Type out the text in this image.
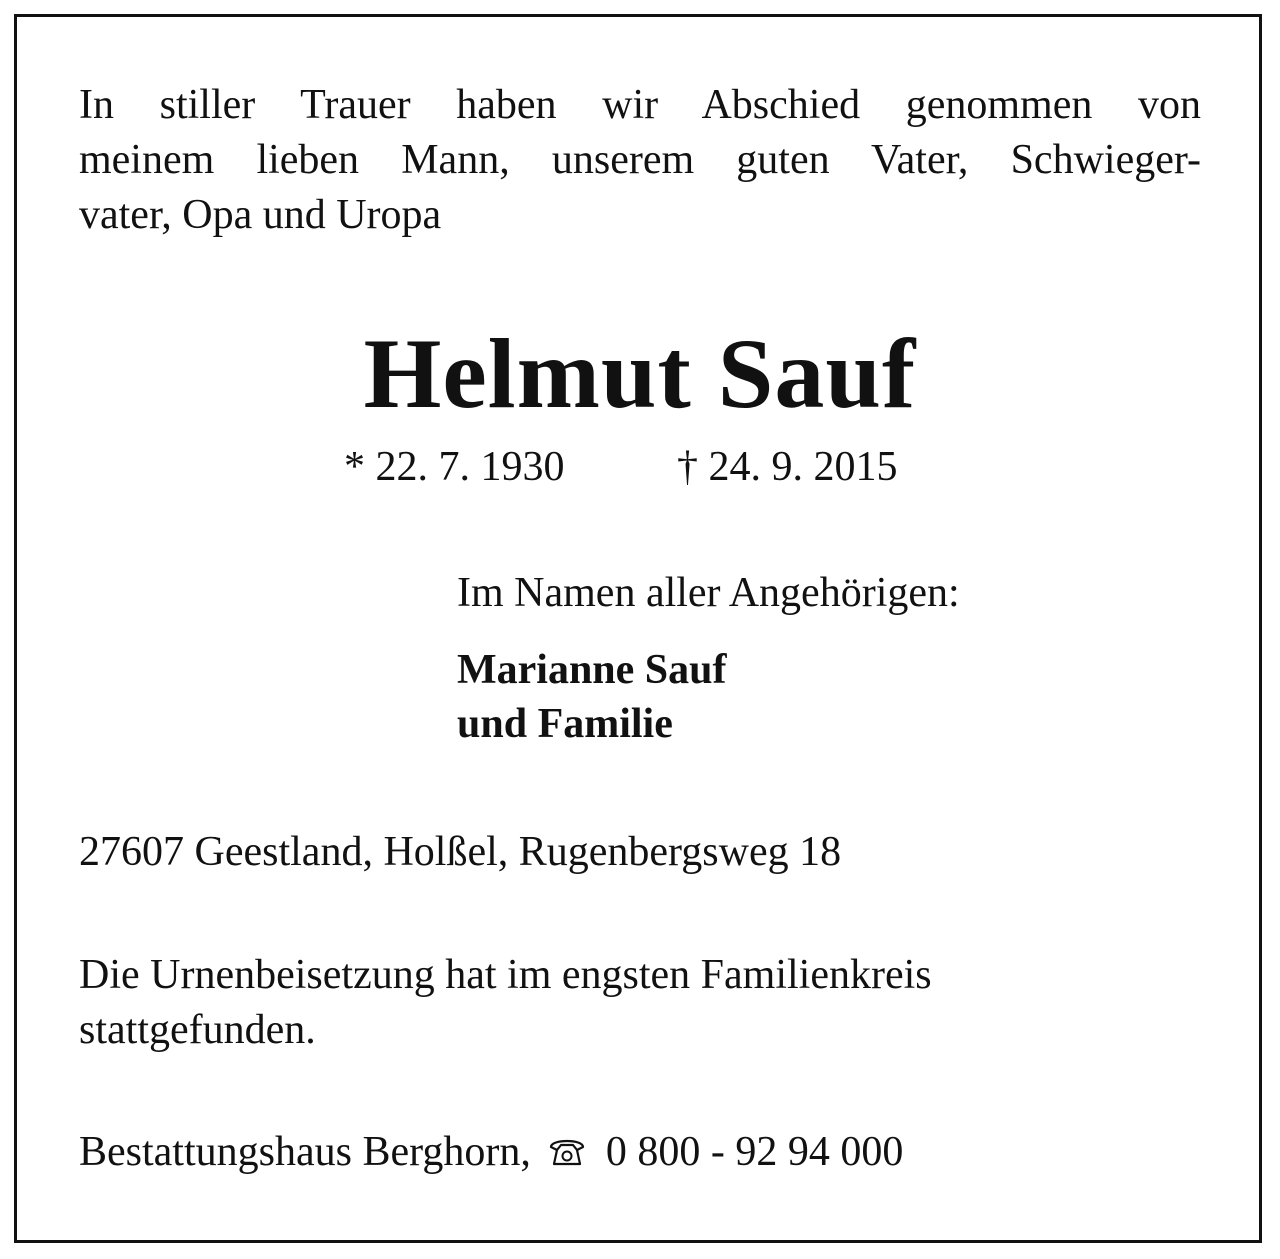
In stiller Trauer haben wir Abschied genommen von
meinem lieben Mann, unserem guten Vater, Schwieger-
vater, Opa und Uropa

Helmut Sauf
* 22. 7. 1930	† 24. 9. 2015
Im Namen aller Angehörigen:
Marianne Sauf
und Familie
27607 Geestland, Holßel, Rugenbergsweg 18
Die Urnenbeisetzung hat im engsten Familienkreis
stattgefunden.
Bestattungshaus Berghorn, 0 800 - 92 94 000
